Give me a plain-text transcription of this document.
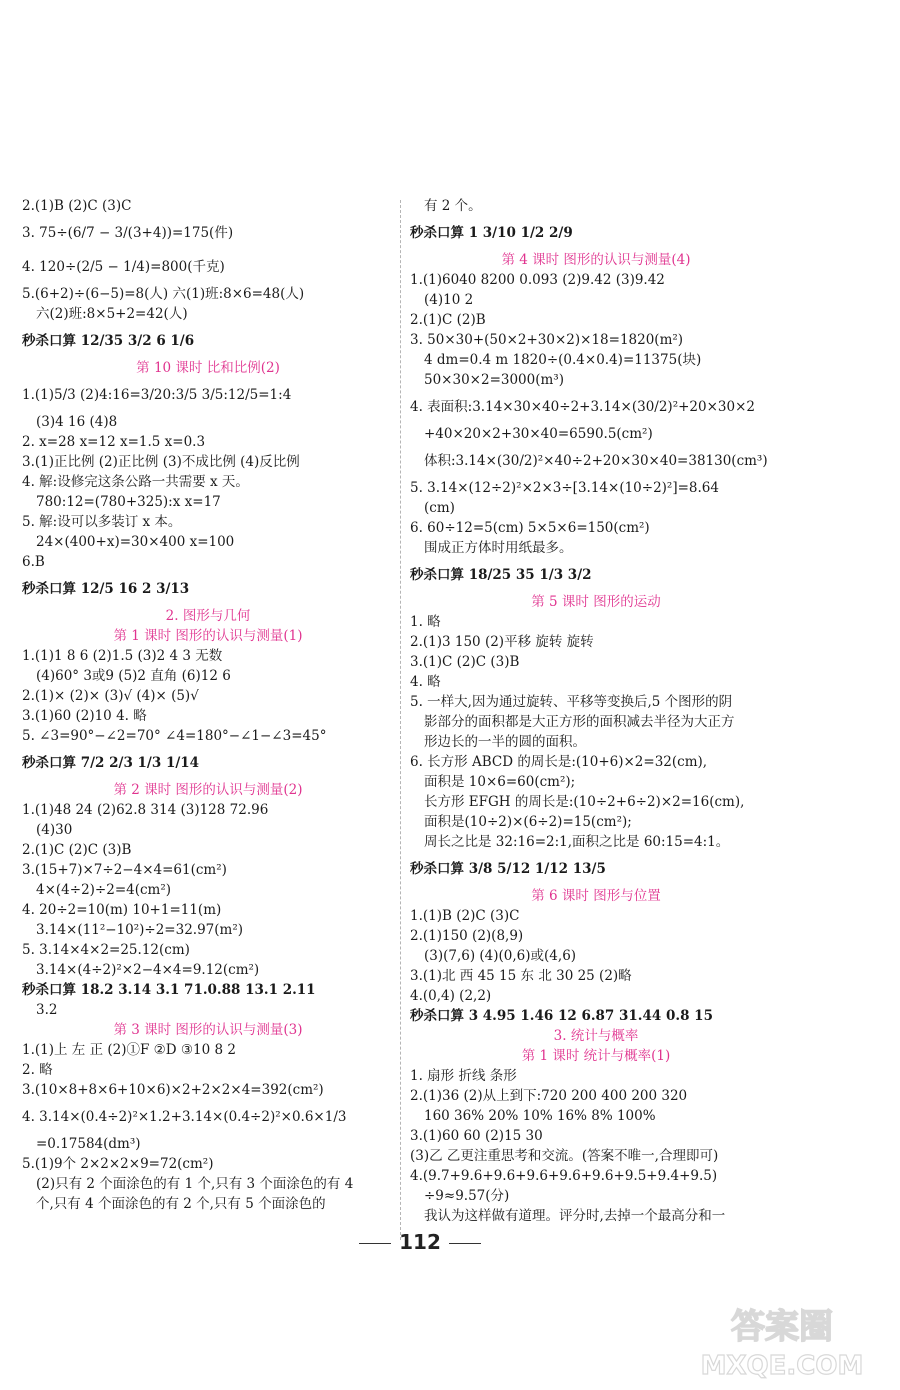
2.(1)B (2)C (3)C
3. 75÷(6/7 − 3/(3+4))=175(件)
4. 120÷(2/5 − 1/4)=800(千克)
5.(6+2)÷(6−5)=8(人) 六(1)班:8×6=48(人)
六(2)班:8×5+2=42(人)
秒杀口算 12/35 3/2 6 1/6
第 10 课时 比和比例(2)
1.(1)5/3 (2)4:16=3/20:3/5 3/5:12/5=1:4
(3)4 16 (4)8
2. x=28 x=12 x=1.5 x=0.3
3.(1)正比例 (2)正比例 (3)不成比例 (4)反比例
4. 解:设修完这条公路一共需要 x 天。
780:12=(780+325):x x=17
5. 解:设可以多装订 x 本。
24×(400+x)=30×400 x=100
6.B
秒杀口算 12/5 16 2 3/13
2. 图形与几何
第 1 课时 图形的认识与测量(1)
1.(1)1 8 6 (2)1.5 (3)2 4 3 无数
(4)60° 3或9 (5)2 直角 (6)12 6
2.(1)× (2)× (3)√ (4)× (5)√
3.(1)60 (2)10 4. 略
5. ∠3=90°−∠2=70° ∠4=180°−∠1−∠3=45°
秒杀口算 7/2 2/3 1/3 1/14
第 2 课时 图形的认识与测量(2)
1.(1)48 24 (2)62.8 314 (3)128 72.96
(4)30
2.(1)C (2)C (3)B
3.(15+7)×7÷2−4×4=61(cm²)
4×(4÷2)÷2=4(cm²)
4. 20÷2=10(m) 10+1=11(m)
3.14×(11²−10²)÷2=32.97(m²)
5. 3.14×4×2=25.12(cm)
3.14×(4÷2)²×2−4×4=9.12(cm²)
秒杀口算 18.2 3.14 3.1 71.0.88 13.1 2.11
3.2
第 3 课时 图形的认识与测量(3)
1.(1)上 左 正 (2)①F ②D ③10 8 2
2. 略
3.(10×8+8×6+10×6)×2+2×2×4=392(cm²)
4. 3.14×(0.4÷2)²×1.2+3.14×(0.4÷2)²×0.6×1/3
=0.17584(dm³)
5.(1)9个 2×2×2×9=72(cm²)
(2)只有 2 个面涂色的有 1 个,只有 3 个面涂色的有 4
个,只有 4 个面涂色的有 2 个,只有 5 个面涂色的
有 2 个。
秒杀口算 1 3/10 1/2 2/9
第 4 课时 图形的认识与测量(4)
1.(1)6040 8200 0.093 (2)9.42 (3)9.42
(4)10 2
2.(1)C (2)B
3. 50×30+(50×2+30×2)×18=1820(m²)
4 dm=0.4 m 1820÷(0.4×0.4)=11375(块)
50×30×2=3000(m³)
4. 表面积:3.14×30×40÷2+3.14×(30/2)²+20×30×2
+40×20×2+30×40=6590.5(cm²)
体积:3.14×(30/2)²×40÷2+20×30×40=38130(cm³)
5. 3.14×(12÷2)²×2×3÷[3.14×(10÷2)²]=8.64
(cm)
6. 60÷12=5(cm) 5×5×6=150(cm²)
围成正方体时用纸最多。
秒杀口算 18/25 35 1/3 3/2
第 5 课时 图形的运动
1. 略
2.(1)3 150 (2)平移 旋转 旋转
3.(1)C (2)C (3)B
4. 略
5. 一样大,因为通过旋转、平移等变换后,5 个图形的阴
影部分的面积都是大正方形的面积减去半径为大正方
形边长的一半的圆的面积。
6. 长方形 ABCD 的周长是:(10+6)×2=32(cm),
面积是 10×6=60(cm²);
长方形 EFGH 的周长是:(10÷2+6÷2)×2=16(cm),
面积是(10÷2)×(6÷2)=15(cm²);
周长之比是 32:16=2:1,面积之比是 60:15=4:1。
秒杀口算 3/8 5/12 1/12 13/5
第 6 课时 图形与位置
1.(1)B (2)C (3)C
2.(1)150 (2)(8,9)
(3)(7,6) (4)(0,6)或(4,6)
3.(1)北 西 45 15 东 北 30 25 (2)略
4.(0,4) (2,2)
秒杀口算 3 4.95 1.46 12 6.87 31.44 0.8 15
3. 统计与概率
第 1 课时 统计与概率(1)
1. 扇形 折线 条形
2.(1)36 (2)从上到下:720 200 400 200 320
160 36% 20% 10% 16% 8% 100%
3.(1)60 60 (2)15 30
(3)乙 乙更注重思考和交流。(答案不唯一,合理即可)
4.(9.7+9.6+9.6+9.6+9.6+9.6+9.5+9.4+9.5)
÷9≈9.57(分)
我认为这样做有道理。评分时,去掉一个最高分和一
112
答案圈
MXQE.COM
